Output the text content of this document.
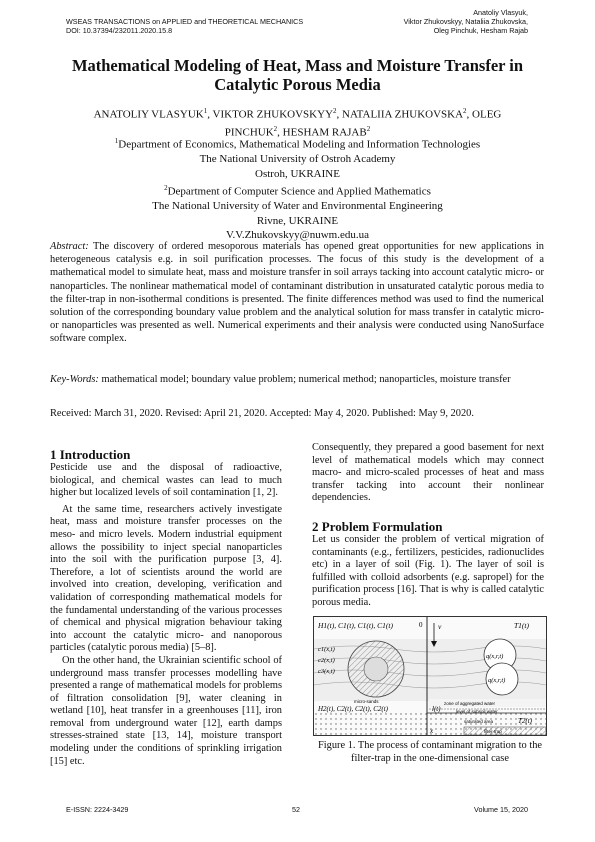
WSEAS TRANSACTIONS on APPLIED and THEORETICAL MECHANICS
DOI: 10.37394/232011.2020.15.8
Anatoliy Vlasyuk,
Viktor Zhukovskyy, Nataliia Zhukovska,
Oleg Pinchuk, Hesham Rajab
Mathematical Modeling of Heat, Mass and Moisture Transfer in
Catalytic Porous Media

ANATOLIY VLASYUK$^1$, VIKTOR ZHUKOVSKYY$^2$, NATALIIA ZHUKOVSKA$^2$, OLEG

PINCHUK$^2$, HESHAM RAJAB$^2$

$^1$Department of Economics, Mathematical Modeling and Information Technologies

The National University of Ostroh Academy

Ostroh, UKRAINE

$^2$Department of Computer Science and Applied Mathematics

The National University of Water and Environmental Engineering

Rivne, UKRAINE

V.V.Zhukovskyy@nuwm.edu.ua

Abstract: The discovery of ordered mesoporous materials has opened great opportunities for new applications in heterogeneous catalysis e.g. in soil purification processes. The focus of this study is the development of a mathematical model to simulate heat, mass and moisture transfer in soil arrays tacking into account catalytic micro- or nanoparticles. The nonlinear mathematical model of contaminant distribution in unsaturated catalytic porous media to the filter-trap in non-isothermal conditions is presented. The finite differences method was used to find the numerical solution of the corresponding boundary value problem and the analytical solution for mass transfer in catalytic micro- or nanoparticles was presented as well. Numerical experiments and their analysis were conducted using NanoSurface software complex.
Key-Words: mathematical model; boundary value problem; numerical method; nanoparticles, moisture transfer
Received: March 31, 2020. Revised: April 21, 2020. Accepted: May 4, 2020. Published: May 9, 2020.

1 Introduction

Pesticide use and the disposal of radioactive, biological, and chemical wastes can lead to much higher but localized levels of soil contamination [1, 2].

At the same time, researchers actively investigate heat, mass and moisture transfer processes on the meso- and micro levels. Modern industrial equipment allows the possibility to inject special nanoparticles into the soil with the purification purpose [3, 4]. Therefore, a lot of scientists around the world are involved into creation, developing, verification and validation of corresponding mathematical models for the fundamental understanding of the various processes of chemical and physical migration behaviour taking into account the catalytic micro- and nanoporous particles (catalytic porous media) [5–8].

On the other hand, the Ukrainian scientific school of underground mass transfer processes modelling have presented a range of mathematical models for problems of filtration consolidation [9], water cleaning in wetland [10], heat transfer in a greenhouses [11], iron removal from underground water [12], earth damps stresses-strained state [13, 14], moisture transport modeling under the conditions of sprinkling irrigation [15] etc.

Consequently, they prepared a good basement for next level of mathematical models which may connect macro- and micro-scaled processes of heat and mass transfer tacking into account their nonlinear dependencies.

2 Problem Formulation

Let us consider the problem of vertical migration of contaminants (e.g., fertilizers, pesticides, radionuclides etc) in a layer of soil (Fig. 1). The layer of soil is fulfilled with colloid adsorbents (e.g. sapropel) for the purification process [16]. That is why is called catalytic porous media.

H1(t), C1(t), C1(t), C1(t)	T1(t)
v
0
c1(x,t)
c2(x,t)
c3(x,t)
q(x,r,t)
q(x,r,t)
micro-sands	zone of aggregated water
level of subsoil water
H2(t), C2(t), C2(t), C2(t)	l(t)
T2(t)
saturated area
filter-trap
x
Figure 1. The process of contaminant migration to the filter-trap in the one-dimensional case
E-ISSN: 2224-3429	52	Volume 15, 2020
